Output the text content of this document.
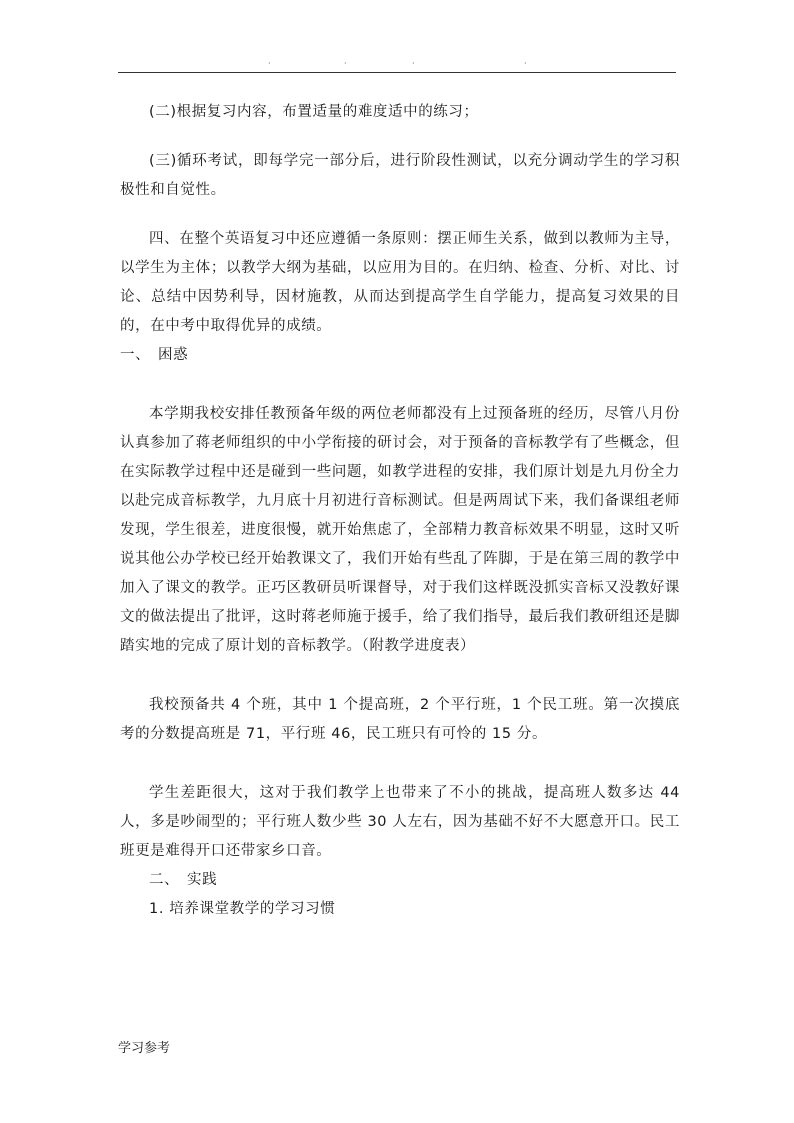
·	·	·	·

(二)根据复习内容，布置适量的难度适中的练习；

(三)循环考试，即每学完一部分后，进行阶段性测试，以充分调动学生的学习积极性和自觉性。

四、在整个英语复习中还应遵循一条原则：摆正师生关系，做到以教师为主导，以学生为主体；以教学大纲为基础，以应用为目的。在归纳、检查、分析、对比、讨论、总结中因势利导，因材施教，从而达到提高学生自学能力，提高复习效果的目的，在中考中取得优异的成绩。

一、　困惑

本学期我校安排任教预备年级的两位老师都没有上过预备班的经历，尽管八月份认真参加了蒋老师组织的中小学衔接的研讨会，对于预备的音标教学有了些概念，但在实际教学过程中还是碰到一些问题，如教学进程的安排，我们原计划是九月份全力以赴完成音标教学，九月底十月初进行音标测试。但是两周试下来，我们备课组老师发现，学生很差，进度很慢，就开始焦虑了，全部精力教音标效果不明显，这时又听说其他公办学校已经开始教课文了，我们开始有些乱了阵脚，于是在第三周的教学中加入了课文的教学。正巧区教研员听课督导，对于我们这样既没抓实音标又没教好课文的做法提出了批评，这时蒋老师施于援手，给了我们指导，最后我们教研组还是脚踏实地的完成了原计划的音标教学。（附教学进度表）

我校预备共 4 个班，其中 1 个提高班，2 个平行班，1 个民工班。第一次摸底考的分数提高班是 71，平行班 46，民工班只有可怜的 15 分。

学生差距很大，这对于我们教学上也带来了不小的挑战，提高班人数多达 44 人，多是吵闹型的；平行班人数少些 30 人左右，因为基础不好不大愿意开口。民工班更是难得开口还带家乡口音。

二、　实践

1. 培养课堂教学的学习习惯

学习参考
